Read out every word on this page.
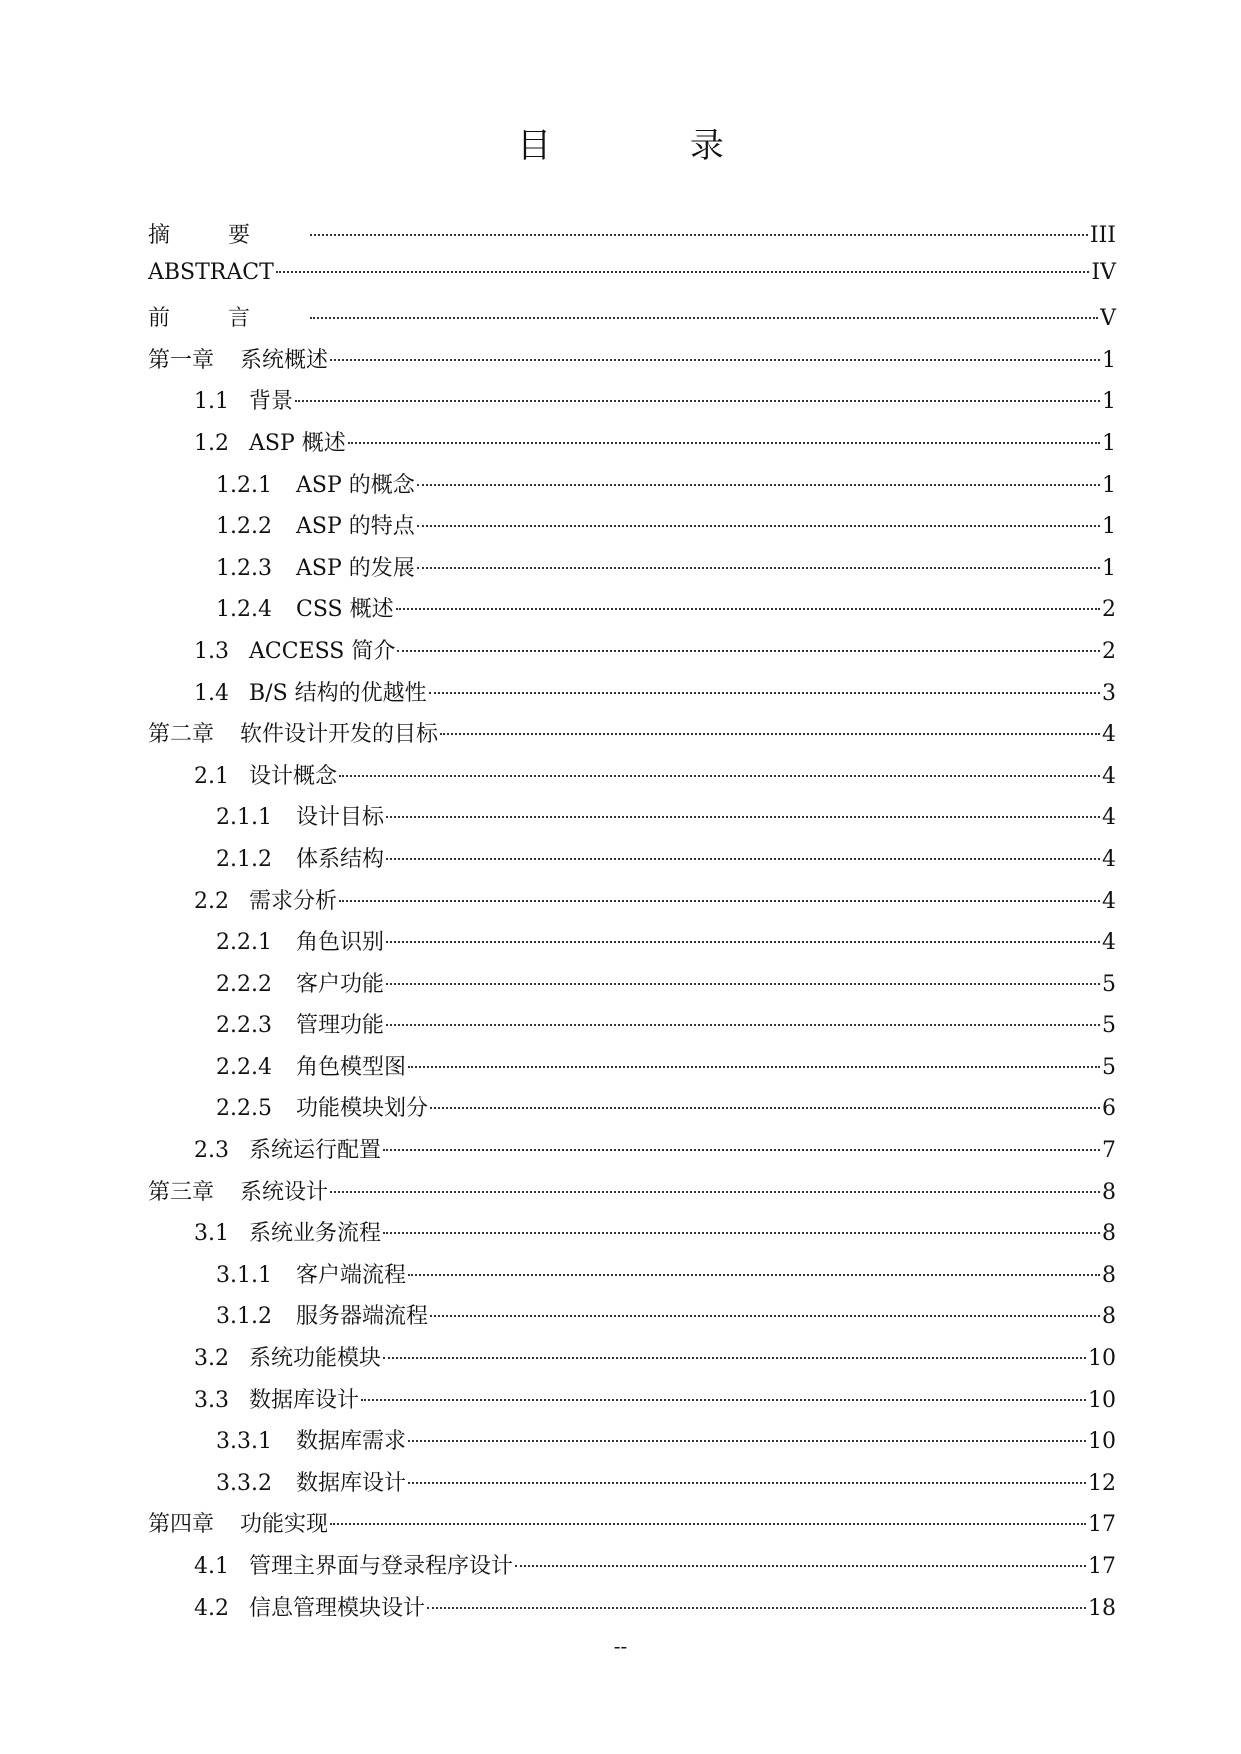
目 录
摘要	III
ABSTRACT	IV
前言	V
第一章 系统概述	1
1.1 背景	1
1.2 ASP 概述	1
1.2.1 ASP 的概念	1
1.2.2 ASP 的特点	1
1.2.3 ASP 的发展	1
1.2.4 CSS 概述	2
1.3 ACCESS 简介	2
1.4 B/S 结构的优越性	3
第二章 软件设计开发的目标	4
2.1 设计概念	4
2.1.1 设计目标	4
2.1.2 体系结构	4
2.2 需求分析	4
2.2.1 角色识别	4
2.2.2 客户功能	5
2.2.3 管理功能	5
2.2.4 角色模型图	5
2.2.5 功能模块划分	6
2.3 系统运行配置	7
第三章 系统设计	8
3.1 系统业务流程	8
3.1.1 客户端流程	8
3.1.2 服务器端流程	8
3.2 系统功能模块	10
3.3 数据库设计	10
3.3.1 数据库需求	10
3.3.2 数据库设计	12
第四章 功能实现	17
4.1 管理主界面与登录程序设计	17
4.2 信息管理模块设计	18
--
